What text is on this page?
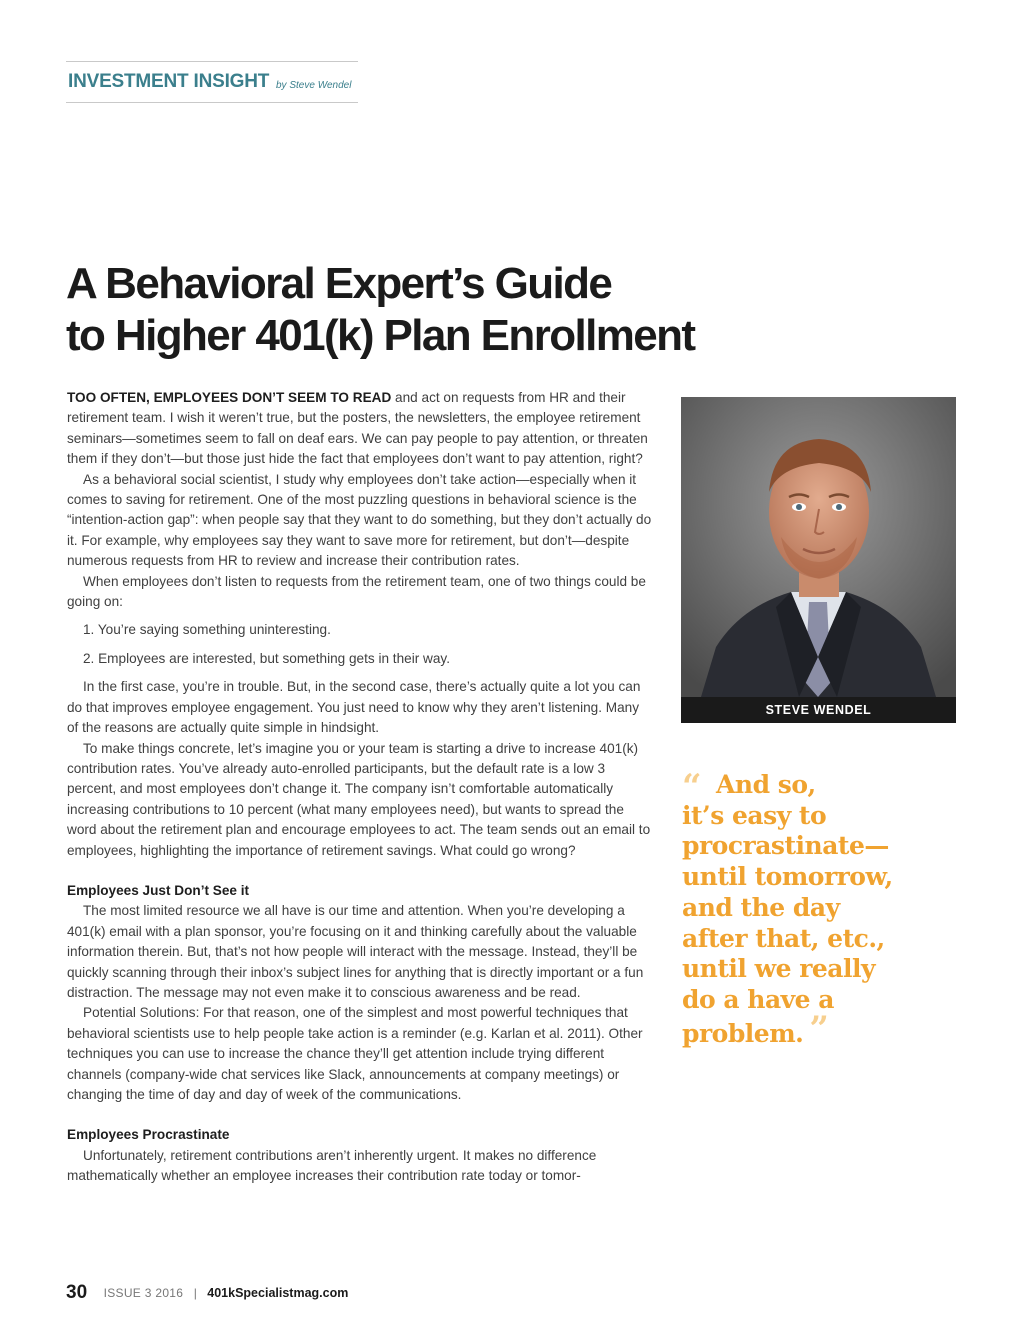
INVESTMENT INSIGHT by Steve Wendel
A Behavioral Expert’s Guide
to Higher 401(k) Plan Enrollment

TOO OFTEN, EMPLOYEES DON’T SEEM TO READ and act on requests from HR and their retirement team. I wish it weren’t true, but the posters, the newsletters, the employee retirement seminars—sometimes seem to fall on deaf ears. We can pay people to pay attention, or threaten them if they don’t—but those just hide the fact that employees don’t want to pay attention, right?

As a behavioral social scientist, I study why employees don’t take action—especially when it comes to saving for retirement. One of the most puzzling questions in behavioral science is the “intention-action gap”: when people say that they want to do something, but they don’t actually do it. For example, why employees say they want to save more for retirement, but don’t—despite numerous requests from HR to review and increase their contribution rates.

When employees don’t listen to requests from the retirement team, one of two things could be going on:

1. You’re saying something uninteresting.

2. Employees are interested, but something gets in their way.

In the first case, you’re in trouble. But, in the second case, there’s actually quite a lot you can do that improves employee engagement. You just need to know why they aren’t listening. Many of the reasons are actually quite simple in hindsight.

To make things concrete, let’s imagine you or your team is starting a drive to increase 401(k) contribution rates. You’ve already auto-enrolled participants, but the default rate is a low 3 percent, and most employees don’t change it. The company isn’t comfortable automatically increasing contributions to 10 percent (what many employees need), but wants to spread the word about the retirement plan and encourage employees to act. The team sends out an email to employees, highlighting the importance of retirement savings. What could go wrong?

Employees Just Don’t See it

The most limited resource we all have is our time and attention. When you’re developing a 401(k) email with a plan sponsor, you’re focusing on it and thinking carefully about the valuable information therein. But, that’s not how people will interact with the message. Instead, they’ll be quickly scanning through their inbox’s subject lines for anything that is directly important or a fun distraction. The message may not even make it to conscious awareness and be read.

Potential Solutions: For that reason, one of the simplest and most powerful techniques that behavioral scientists use to help people take action is a reminder (e.g. Karlan et al. 2011). Other techniques you can use to increase the chance they’ll get attention include trying different channels (company-wide chat services like Slack, announcements at company meetings) or changing the time of day and day of week of the communications.

Employees Procrastinate

Unfortunately, retirement contributions aren’t inherently urgent. It makes no difference mathematically whether an employee increases their contribution rate today or tomor-

STEVE WENDEL
“ And so,
it’s easy to
procrastinate—
until tomorrow,
and the day
after that, etc.,
until we really
do a have a
problem. ”
30 ISSUE 3 2016 | 401kSpecialistmag.com
